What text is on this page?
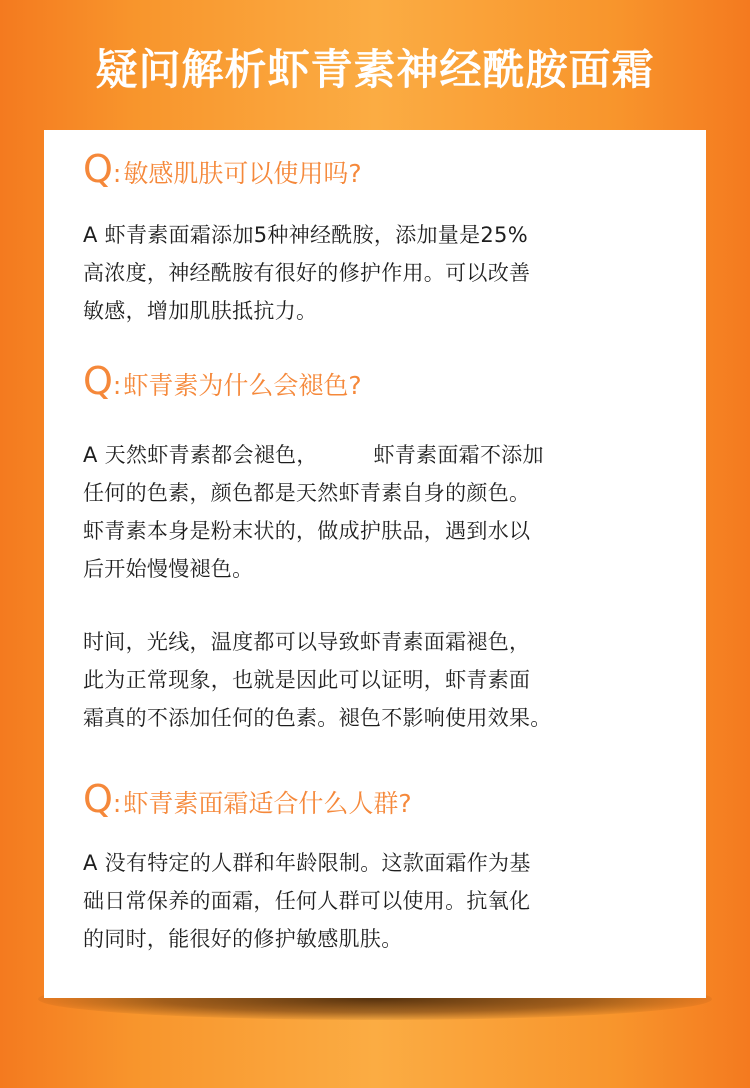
疑问解析虾青素神经酰胺面霜
Q : 敏感肌肤可以使用吗?
A 虾青素面霜添加5种神经酰胺，添加量是25%
高浓度，神经酰胺有很好的修护作用。可以改善
敏感，增加肌肤抵抗力。
Q : 虾青素为什么会褪色?
A 天然虾青素都会褪色，        虾青素面霜不添加
任何的色素，颜色都是天然虾青素自身的颜色。
虾青素本身是粉末状的，做成护肤品，遇到水以
后开始慢慢褪色。
时间，光线，温度都可以导致虾青素面霜褪色，
此为正常现象，也就是因此可以证明，虾青素面
霜真的不添加任何的色素。褪色不影响使用效果。
Q : 虾青素面霜适合什么人群?
A 没有特定的人群和年龄限制。这款面霜作为基
础日常保养的面霜，任何人群可以使用。抗氧化
的同时，能很好的修护敏感肌肤。
